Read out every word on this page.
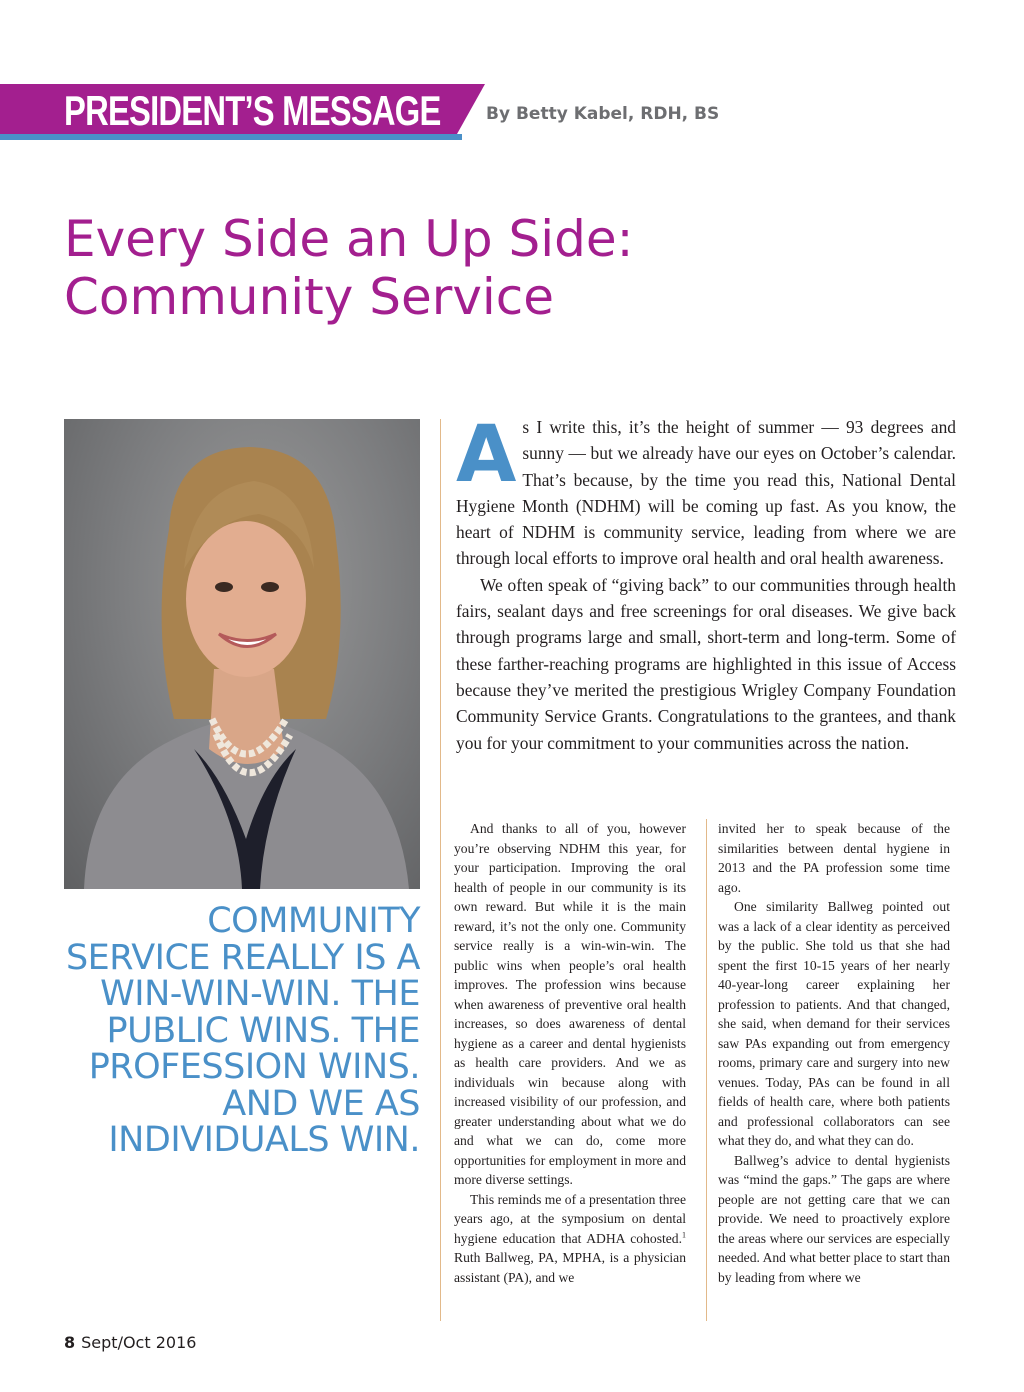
PRESIDENT’S MESSAGE	By Betty Kabel, RDH, BS
Every Side an Up Side:
Community Service

COMMUNITY SERVICE REALLY IS A WIN-WIN-WIN. THE PUBLIC WINS. THE PROFESSION WINS. AND WE AS INDIVIDUALS WIN.

As I write this, it’s the height of summer — 93 degrees and sunny — but we already have our eyes on October’s calendar. That’s because, by the time you read this, National Dental Hygiene Month (NDHM) will be coming up fast. As you know, the heart of NDHM is community service, leading from where we are through local efforts to improve oral health and oral health awareness.

We often speak of “giving back” to our communities through health fairs, sealant days and free screenings for oral diseases. We give back through programs large and small, short-term and long-term. Some of these farther-reaching programs are highlighted in this issue of Access because they’ve merited the prestigious Wrigley Company Foundation Community Service Grants. Congratulations to the grantees, and thank you for your commitment to your communities across the nation.

And thanks to all of you, however you’re observing NDHM this year, for your participation. Improving the oral health of people in our community is its own reward. But while it is the main reward, it’s not the only one. Community service really is a win-win-win. The public wins when people’s oral health improves. The profession wins because when awareness of preventive oral health increases, so does awareness of dental hygiene as a career and dental hygienists as health care providers. And we as individuals win because along with increased visibility of our profession, and greater understanding about what we do and what we can do, come more opportunities for employment in more and more diverse settings.

This reminds me of a presentation three years ago, at the symposium on dental hygiene education that ADHA cohosted.$^1$ Ruth Ballweg, PA, MPHA, is a physician assistant (PA), and we

invited her to speak because of the similarities between dental hygiene in 2013 and the PA profession some time ago.

One similarity Ballweg pointed out was a lack of a clear identity as perceived by the public. She told us that she had spent the first 10-15 years of her nearly 40-year-long career explaining her profession to patients. And that changed, she said, when demand for their services saw PAs expanding out from emergency rooms, primary care and surgery into new venues. Today, PAs can be found in all fields of health care, where both patients and professional collaborators can see what they do, and what they can do.

Ballweg’s advice to dental hygienists was “mind the gaps.” The gaps are where people are not getting care that we can provide. We need to proactively explore the areas where our services are especially needed. And what better place to start than by leading from where we

8 Sept/Oct 2016
